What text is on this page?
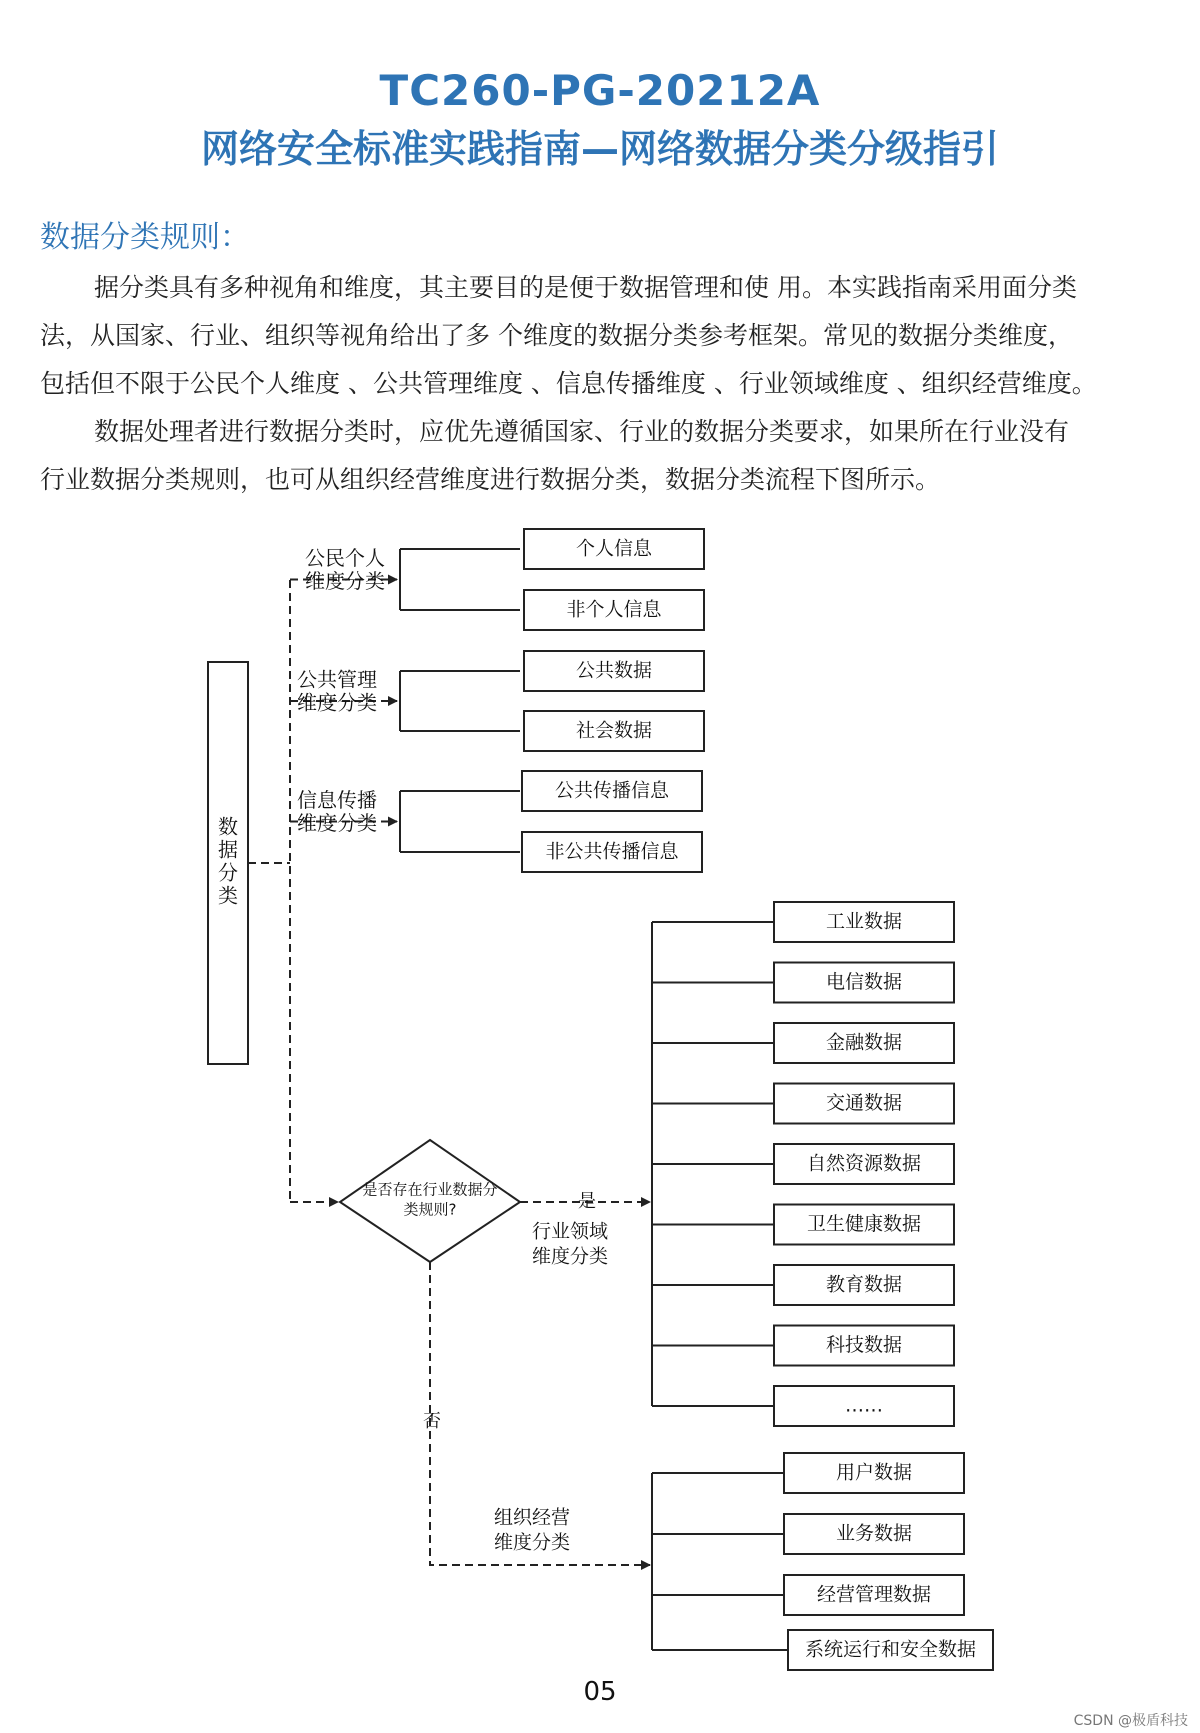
TC260-PG-20212A
网络安全标准实践指南—网络数据分类分级指引
数据分类规则：
据分类具有多种视角和维度，其主要目的是便于数据管理和使 用。本实践指南采用面分类
法，从国家、行业、组织等视角给出了多 个维度的数据分类参考框架。常见的数据分类维度，
包括但不限于公民个人维度 、公共管理维度 、信息传播维度 、行业领域维度 、组织经营维度。
数据处理者进行数据分类时，应优先遵循国家、行业的数据分类要求，如果所在行业没有
行业数据分类规则，也可从组织经营维度进行数据分类，数据分类流程下图所示。
数
据
分
类
公民个人
维度分类
个人信息
非个人信息
公共管理
维度分类
公共数据
社会数据
信息传播
维度分类
公共传播信息
非公共传播信息
是否存在行业数据分
类规则?	是
行业领域
维度分类
工业数据
电信数据
金融数据
交通数据
自然资源数据
卫生健康数据
教育数据
科技数据
……
否
组织经营
维度分类
用户数据
业务数据
经营管理数据
系统运行和安全数据
05
CSDN @极盾科技
